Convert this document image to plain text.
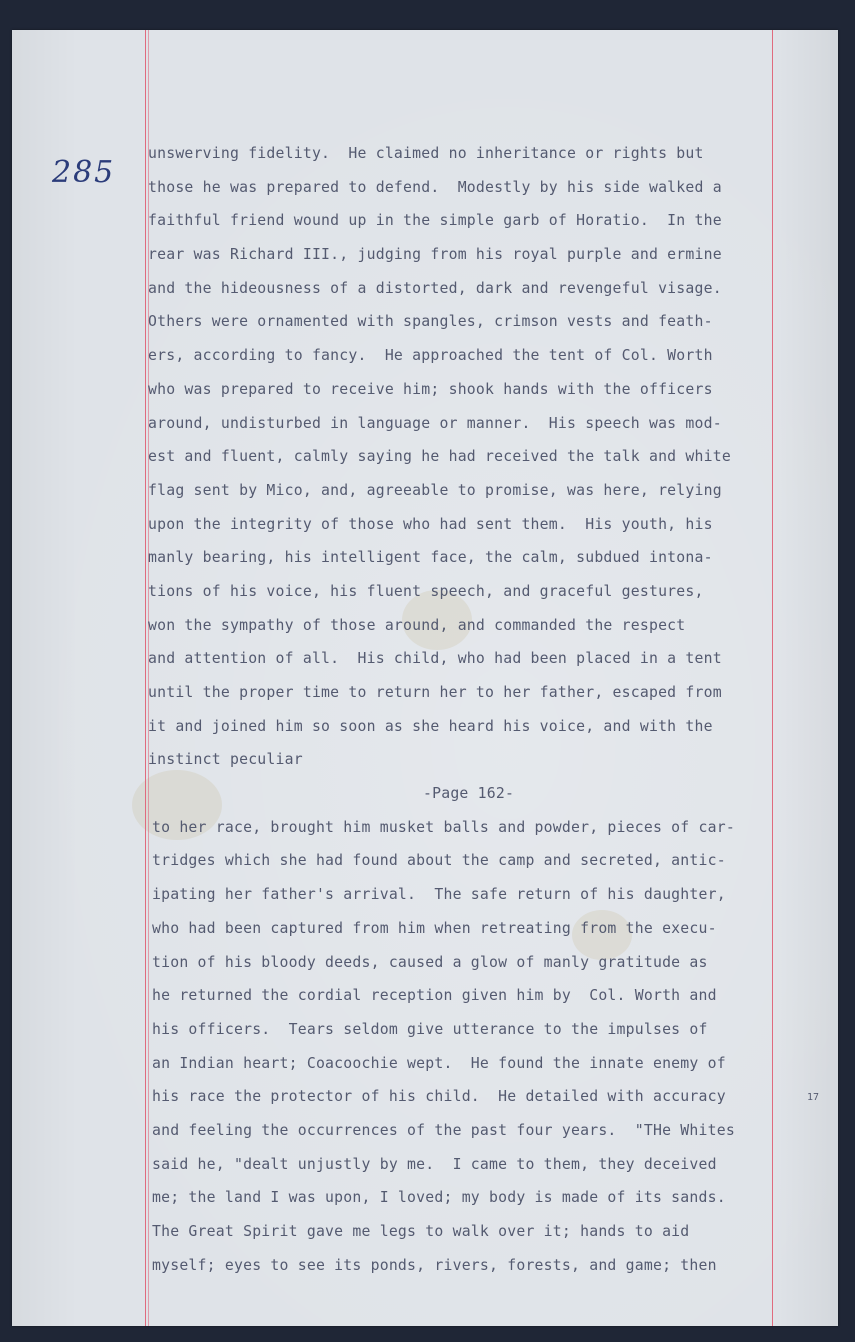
285
unswerving fidelity.  He claimed no inheritance or rights but
those he was prepared to defend.  Modestly by his side walked a
faithful friend wound up in the simple garb of Horatio.  In the
rear was Richard III., judging from his royal purple and ermine
and the hideousness of a distorted, dark and revengeful visage.
Others were ornamented with spangles, crimson vests and feath-
ers, according to fancy.  He approached the tent of Col. Worth
who was prepared to receive him; shook hands with the officers
around, undisturbed in language or manner.  His speech was mod-
est and fluent, calmly saying he had received the talk and white
flag sent by Mico, and, agreeable to promise, was here, relying
upon the integrity of those who had sent them.  His youth, his
manly bearing, his intelligent face, the calm, subdued intona-
tions of his voice, his fluent speech, and graceful gestures,
won the sympathy of those around, and commanded the respect
and attention of all.  His child, who had been placed in a tent
until the proper time to return her to her father, escaped from
it and joined him so soon as she heard his voice, and with the
instinct peculiar
-Page 162-
to her race, brought him musket balls and powder, pieces of car-
tridges which she had found about the camp and secreted, antic-
ipating her father's arrival.  The safe return of his daughter,
who had been captured from him when retreating from the execu-
tion of his bloody deeds, caused a glow of manly gratitude as
he returned the cordial reception given him by  Col. Worth and
his officers.  Tears seldom give utterance to the impulses of
an Indian heart; Coacoochie wept.  He found the innate enemy of
his race the protector of his child.  He detailed with accuracy
and feeling the occurrences of the past four years.  "THe Whites
said he, "dealt unjustly by me.  I came to them, they deceived
me; the land I was upon, I loved; my body is made of its sands.
The Great Spirit gave me legs to walk over it; hands to aid
myself; eyes to see its ponds, rivers, forests, and game; then
17
